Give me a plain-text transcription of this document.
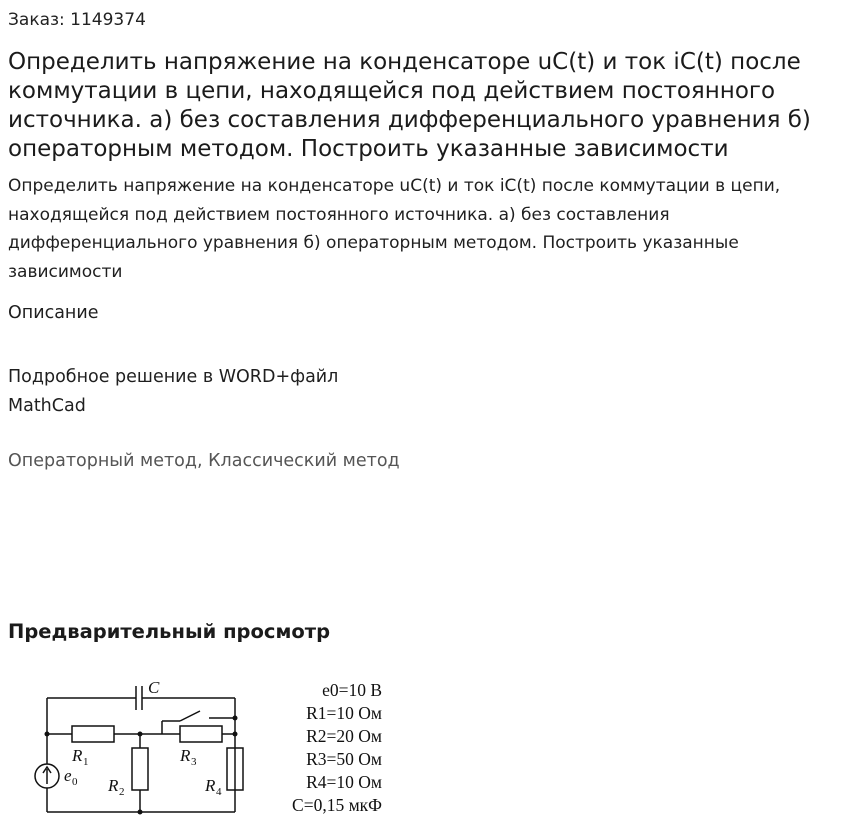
Заказ: 1149374
Определить напряжение на конденсаторе uC(t) и ток iC(t) после коммутации в цепи, находящейся под действием постоянного источника. а) без составления дифференциального уравнения б) операторным методом. Построить указанные зависимости

Определить напряжение на конденсаторе uC(t) и ток iC(t) после коммутации в цепи, находящейся под действием постоянного источника. а) без составления дифференциального уравнения б) операторным методом. Построить указанные зависимости

Описание
Подробное решение в WORD+файл
MathCad
Операторный метод, Классический метод
Предварительный просмотр
C
R 1	R 3
R 2	R 4
e 0
e0=10 В
R1=10 Ом
R2=20 Ом
R3=50 Ом
R4=10 Ом
C=0,15 мкФ
